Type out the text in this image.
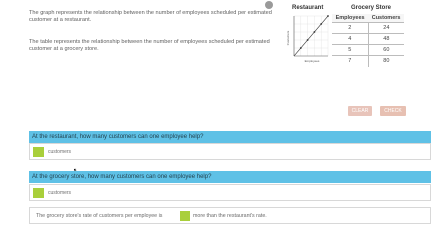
The graph represents the relationship between the number of employees scheduled per estimated customer at a restaurant.
The table represents the relationship between the number of employees scheduled per estimated customer at a grocery store.
Restaurant
Customers
Employees
Grocery Store
Employees	Customers
2	24
4	48
5	60
7	80
CLEAR	CHECK
At the restaurant, how many customers can one employee help?
customers
At the grocery store, how many customers can one employee help?
customers
The grocery store's rate of customers per employee is	more than the restaurant's rate.
